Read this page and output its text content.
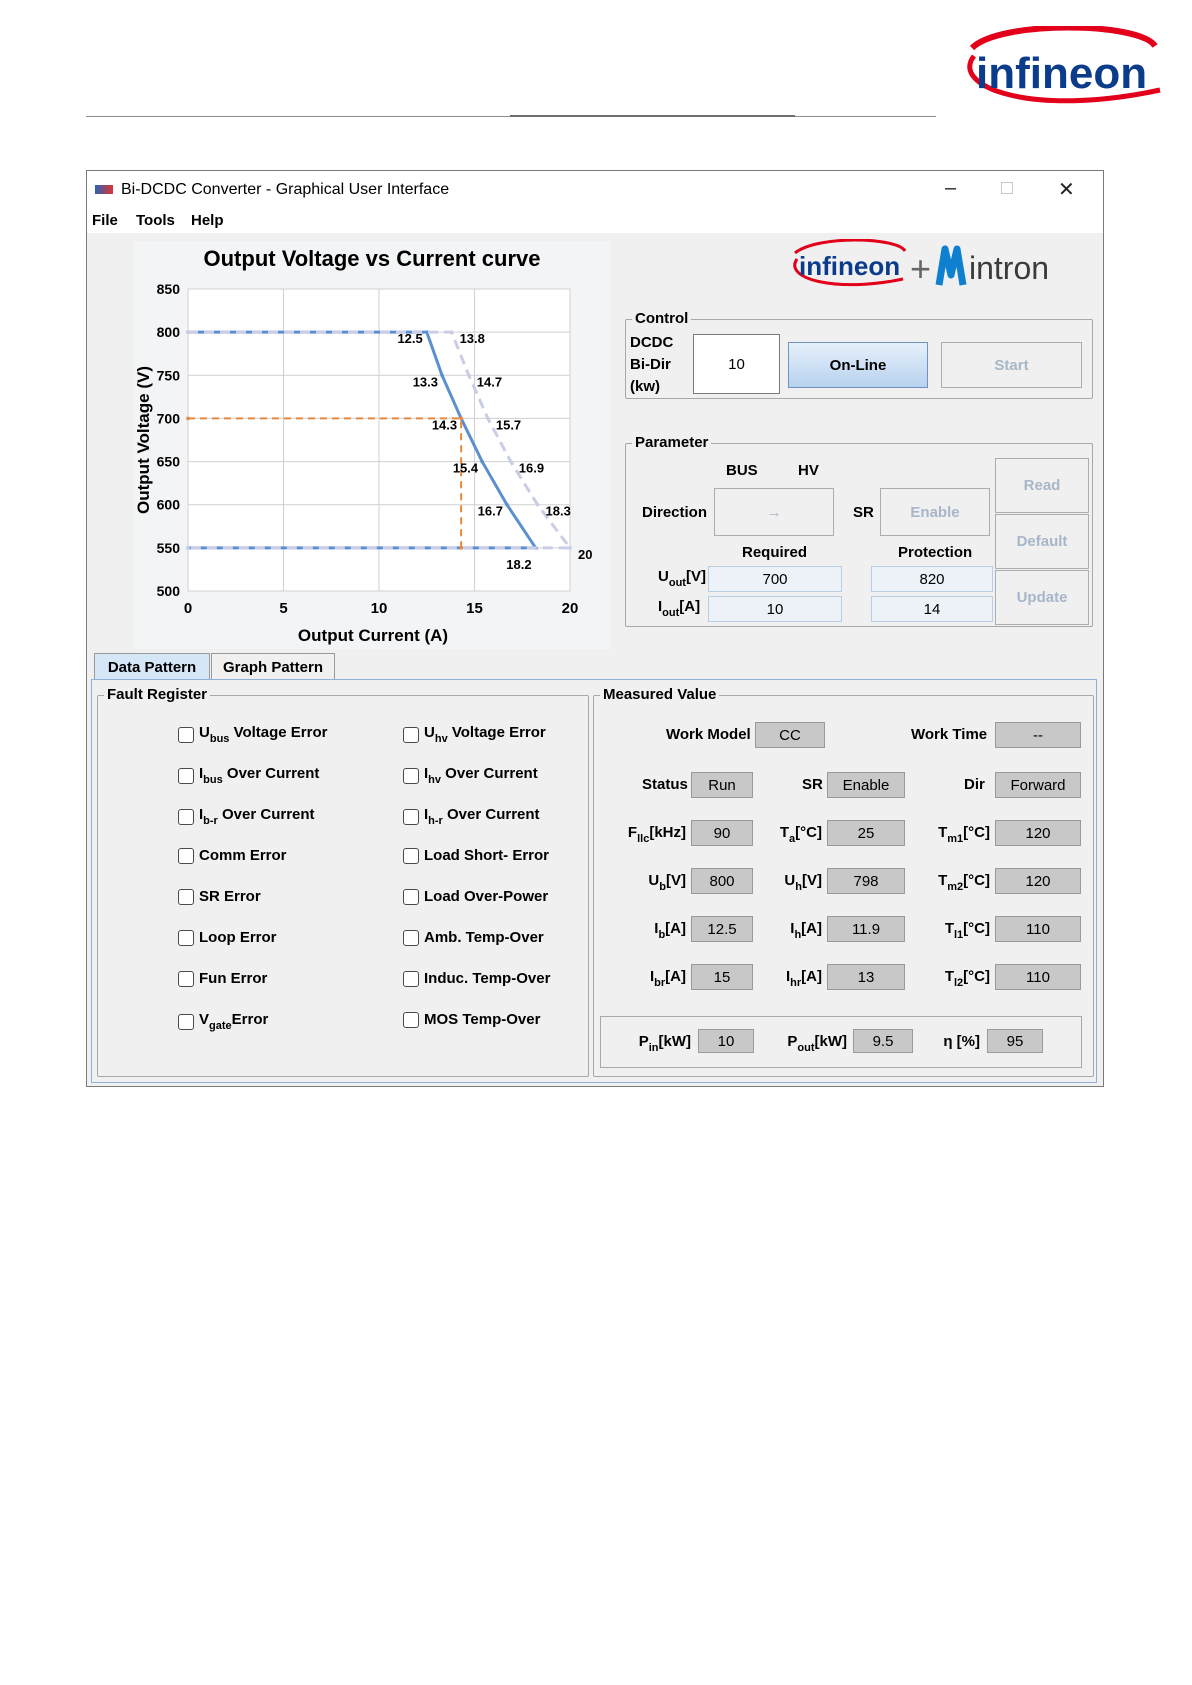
infineon
Bi-DCDC Converter - Graphical User Interface	– □ ✕
File Tools Help
0	5	10	15	20
500
550
600
650
700
750
800
850
12.5
13.3
14.3
15.4
16.7
18.2
13.8
14.7
15.7
16.9
18.3
20
Output Voltage vs Current curve
Output Current (A)
Output Voltage (V)
infineon + intron
Control
DCDC
Bi-Dir
(kw)
10	On-Line	Start
Parameter
BUS	HV
Direction	→	SR	Enable
Required	Protection
$U_{out}[V]$	700	820
$I_{out}[A]$	10	14
Read
Default
Update
Data Pattern	Graph Pattern
Fault Register
$U_{bus}$ Voltage Error
$I_{bus}$ Over Current
$I_{b-r}$ Over Current
Comm Error
SR Error
Loop Error
Fun Error
$V_{gate}Error$
$U_{hv}$ Voltage Error
$I_{hv}$ Over Current
$I_{h-r}$ Over Current
Load Short- Error
Load Over-Power
Amb. Temp-Over
Induc. Temp-Over
MOS Temp-Over
Measured Value
Work Model	CC	Work Time	--
Status	Run	SR	Enable	Dir	Forward
$F_{llc}[kHz]$	90	$T_a[^\circ C]$	25	$T_{m1}[^\circ C]$	120
$U_b[V]$	800	$U_h[V]$	798	$T_{m2}[^\circ C]$	120
$I_b[A]$	12.5	$I_h[A]$	11.9	$T_{l1}[^\circ C]$	110
$I_{br}[A]$	15	$I_{hr}[A]$	13	$T_{l2}[^\circ C]$	110
$P_{in}[kW]$	10	$P_{out}[kW]$	9.5	η [%]	95
